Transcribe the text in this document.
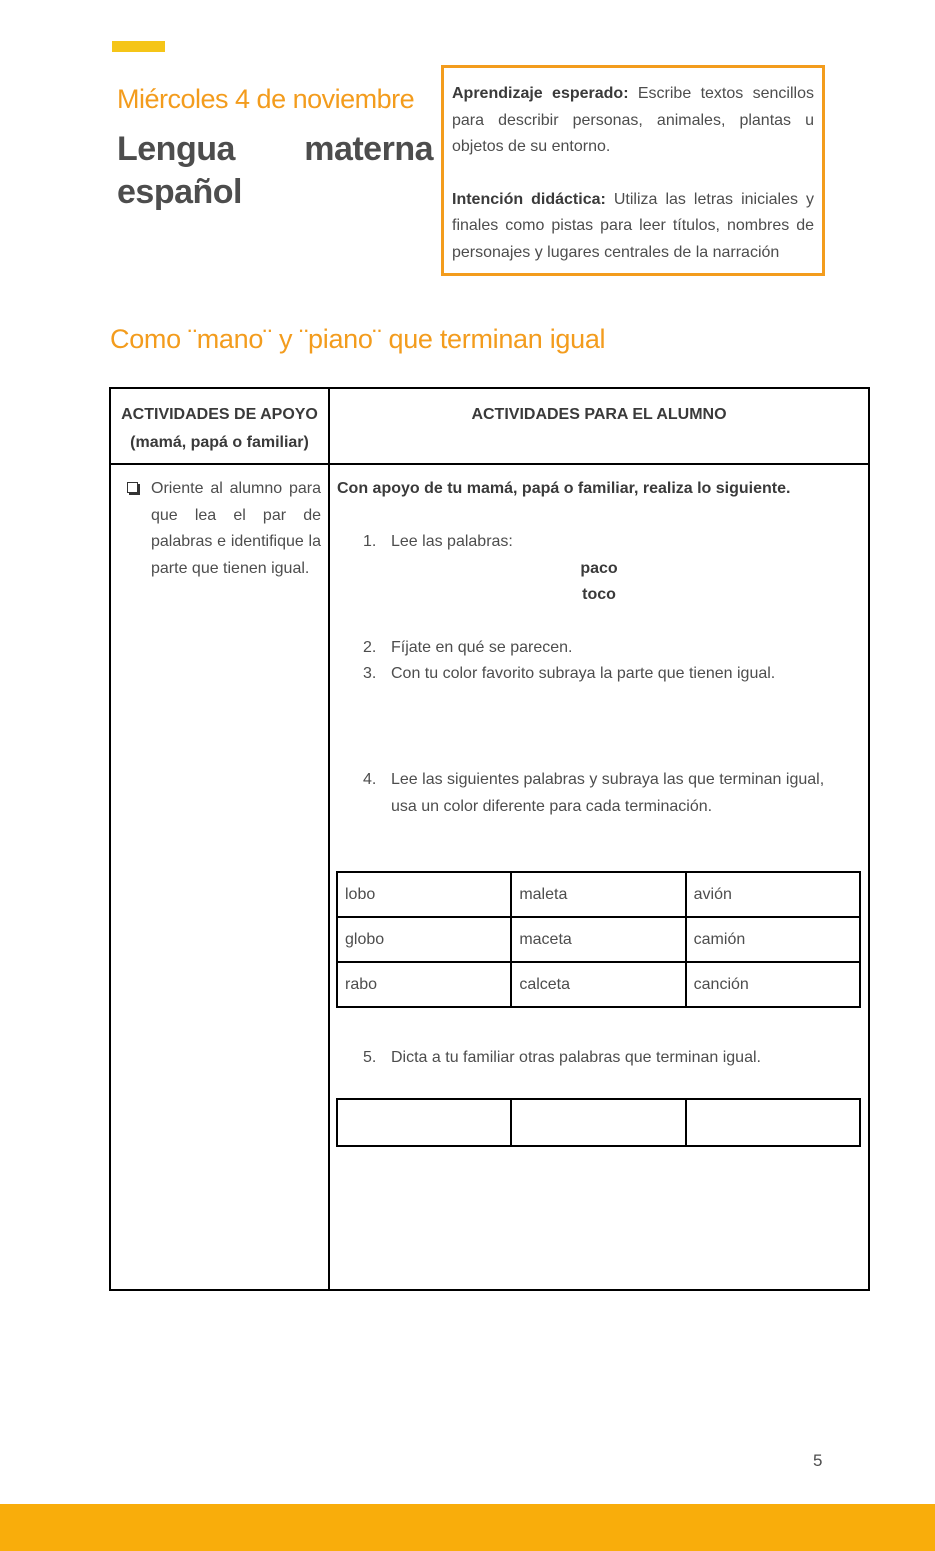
Miércoles 4 de noviembre
Lengua materna
español

Aprendizaje esperado: Escribe textos sencillos para describir personas, animales, plantas u objetos de su entorno.

Intención didáctica: Utiliza las letras iniciales y finales como pistas para leer títulos, nombres de personajes y lugares centrales de la narración

Como ¨mano¨ y ¨piano¨ que terminan igual
ACTIVIDADES DE APOYO (mamá, papá o familiar)
ACTIVIDADES PARA EL ALUMNO
Oriente al alumno para que lea el par de palabras e identifique la parte que tienen igual.
Con apoyo de tu mamá, papá o familiar, realiza lo siguiente.
1. Lee las palabras:
paco
toco
2. Fíjate en qué se parecen.
3. Con tu color favorito subraya la parte que tienen igual.
4. Lee las siguientes palabras y subraya las que terminan igual, usa un color diferente para cada terminación.
lobo	maleta	avión
globo	maceta	camión
rabo	calceta	canción
5. Dicta a tu familiar otras palabras que terminan igual.

5
